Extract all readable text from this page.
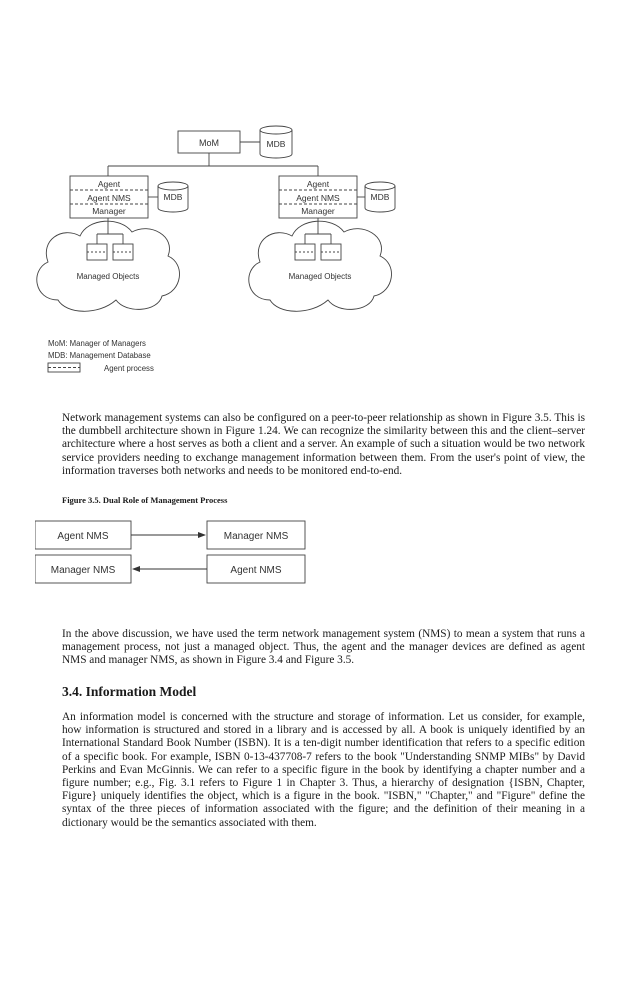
MoM	MDB
Agent
Agent NMS
Manager
MDB
Managed Objects
Agent
Agent NMS
Manager
MDB
Managed Objects
MoM: Manager of Managers
MDB: Management Database
Agent process

Network management systems can also be configured on a peer-to-peer relationship as shown in Figure 3.5. This is the dumbbell architecture shown in Figure 1.24. We can recognize the similarity between this and the client–server architecture where a host serves as both a client and a server. An example of such a situation would be two network service providers needing to exchange management information between them. From the user's point of view, the information traverses both networks and needs to be monitored end-to-end.

Figure 3.5. Dual Role of Management Process

Agent NMS
Manager NMS
Manager NMS
Agent NMS

In the above discussion, we have used the term network management system (NMS) to mean a system that runs a management process, not just a managed object. Thus, the agent and the manager devices are defined as agent NMS and manager NMS, as shown in Figure 3.4 and Figure 3.5.

3.4. Information Model

An information model is concerned with the structure and storage of information. Let us consider, for example, how information is structured and stored in a library and is accessed by all. A book is uniquely identified by an International Standard Book Number (ISBN). It is a ten-digit number identification that refers to a specific edition of a specific book. For example, ISBN 0-13-437708-7 refers to the book "Understanding SNMP MIBs" by David Perkins and Evan McGinnis. We can refer to a specific figure in the book by identifying a chapter number and a figure number; e.g., Fig. 3.1 refers to Figure 1 in Chapter 3. Thus, a hierarchy of designation {ISBN, Chapter, Figure} uniquely identifies the object, which is a figure in the book. "ISBN," "Chapter," and "Figure" define the syntax of the three pieces of information associated with the figure; and the definition of their meaning in a dictionary would be the semantics associated with them.
